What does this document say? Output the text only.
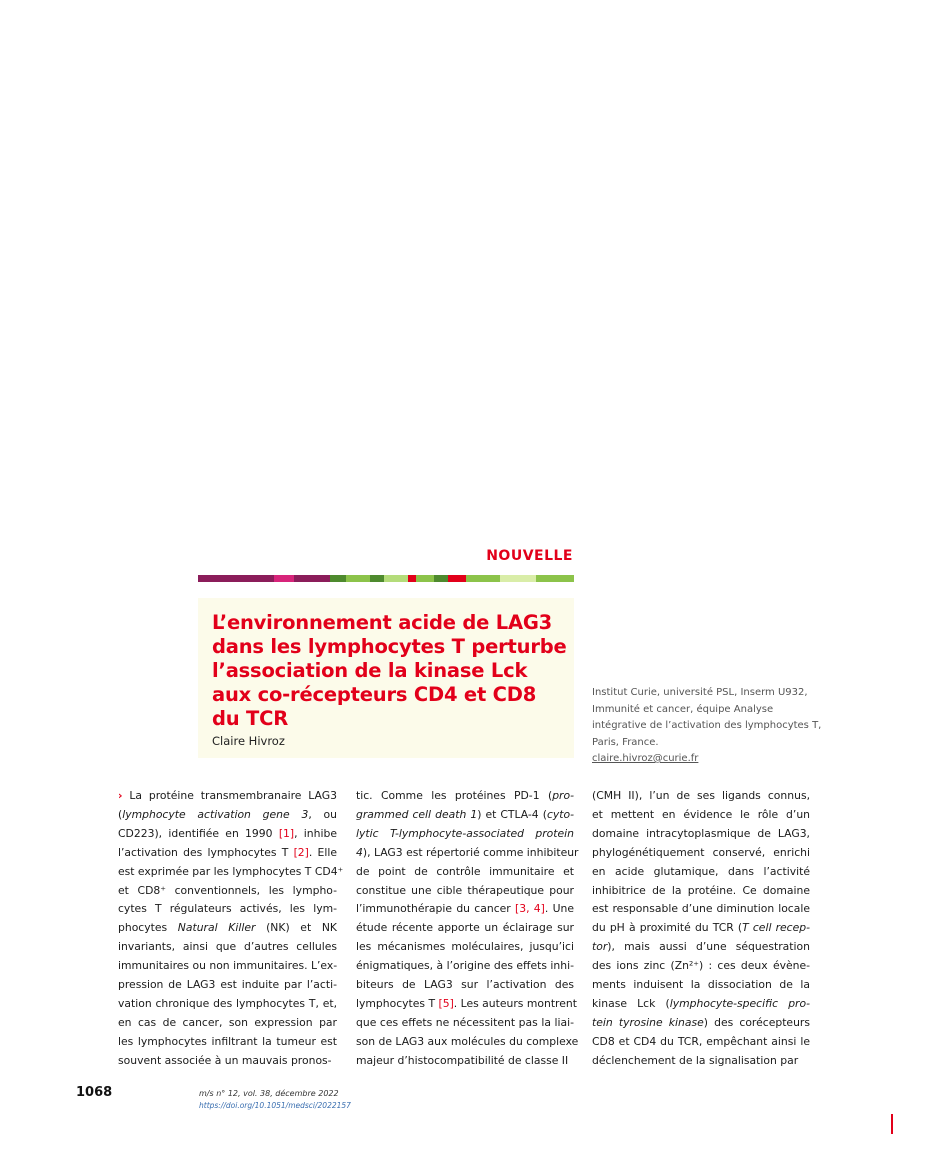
NOUVELLE
L’environnement acide de LAG3 dans les lymphocytes T perturbe l’association de la kinase Lck aux co-récepteurs CD4 et CD8 du TCR
Claire Hivroz
Institut Curie, université PSL, Inserm U932,
Immunité et cancer, équipe Analyse
intégrative de l’activation des lymphocytes T,
Paris, France.
claire.hivroz@curie.fr
› La protéine transmembranaire LAG3
(lymphocyte activation gene 3, ou
CD223), identifiée en 1990 [1], inhibe
l’activation des lymphocytes T [2]. Elle
est exprimée par les lymphocytes T CD4⁺
et CD8⁺ conventionnels, les lympho-
cytes T régulateurs activés, les lym-
phocytes Natural Killer (NK) et NK
invariants, ainsi que d’autres cellules
immunitaires ou non immunitaires. L’ex-
pression de LAG3 est induite par l’acti-
vation chronique des lymphocytes T, et,
en cas de cancer, son expression par
les lymphocytes infiltrant la tumeur est
souvent associée à un mauvais pronos-
tic. Comme les protéines PD-1 (pro-
grammed cell death 1) et CTLA-4 (cyto-
lytic T-lymphocyte-associated protein
4), LAG3 est répertorié comme inhibiteur
de point de contrôle immunitaire et
constitue une cible thérapeutique pour
l’immunothérapie du cancer [3, 4]. Une
étude récente apporte un éclairage sur
les mécanismes moléculaires, jusqu’ici
énigmatiques, à l’origine des effets inhi-
biteurs de LAG3 sur l’activation des
lymphocytes T [5]. Les auteurs montrent
que ces effets ne nécessitent pas la liai-
son de LAG3 aux molécules du complexe
majeur d’histocompatibilité de classe II
(CMH II), l’un de ses ligands connus,
et mettent en évidence le rôle d’un
domaine intracytoplasmique de LAG3,
phylogénétiquement conservé, enrichi
en acide glutamique, dans l’activité
inhibitrice de la protéine. Ce domaine
est responsable d’une diminution locale
du pH à proximité du TCR (T cell recep-
tor), mais aussi d’une séquestration
des ions zinc (Zn²⁺) : ces deux évène-
ments induisent la dissociation de la
kinase Lck (lymphocyte-specific pro-
tein tyrosine kinase) des corécepteurs
CD8 et CD4 du TCR, empêchant ainsi le
déclenchement de la signalisation par
1068	m/s n° 12, vol. 38, décembre 2022
https://doi.org/10.1051/medsci/2022157
